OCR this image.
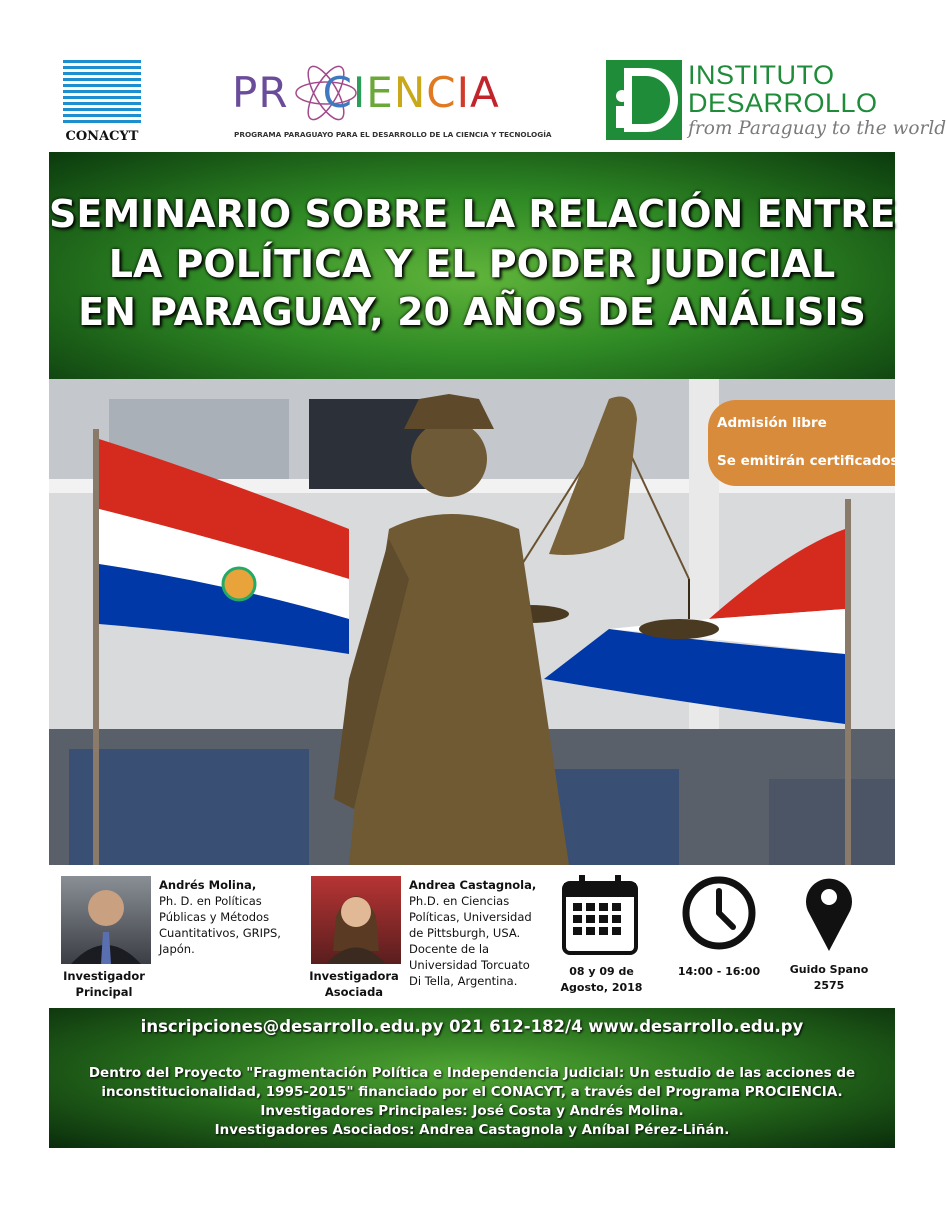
CONACYT
PR CIENCIA
PROGRAMA PARAGUAYO PARA EL DESARROLLO DE LA CIENCIA Y TECNOLOGÍA
INSTITUTO
DESARROLLO
from Paraguay to the world
SEMINARIO SOBRE LA RELACIÓN ENTRE
LA POLÍTICA Y EL PODER JUDICIAL
EN PARAGUAY, 20 AÑOS DE ANÁLISIS
Admisión libre
Se emitirán certificados
Andrés Molina,
Ph. D. en Políticas
Públicas y Métodos
Cuantitativos, GRIPS,
Japón.
Investigador
Principal
Andrea Castagnola,
Ph.D. en Ciencias
Políticas, Universidad
de Pittsburgh, USA.
Docente de la
Universidad Torcuato
Di Tella, Argentina.
Investigadora
Asociada
08 y 09 de
Agosto, 2018
14:00 - 16:00	Guido Spano
2575
inscripciones@desarrollo.edu.py 021 612-182/4 www.desarrollo.edu.py
Dentro del Proyecto "Fragmentación Política e Independencia Judicial: Un estudio de las acciones de
inconstitucionalidad, 1995-2015" financiado por el CONACYT, a través del Programa PROCIENCIA.
Investigadores Principales: José Costa y Andrés Molina.
Investigadores Asociados: Andrea Castagnola y Aníbal Pérez-Liñán.
